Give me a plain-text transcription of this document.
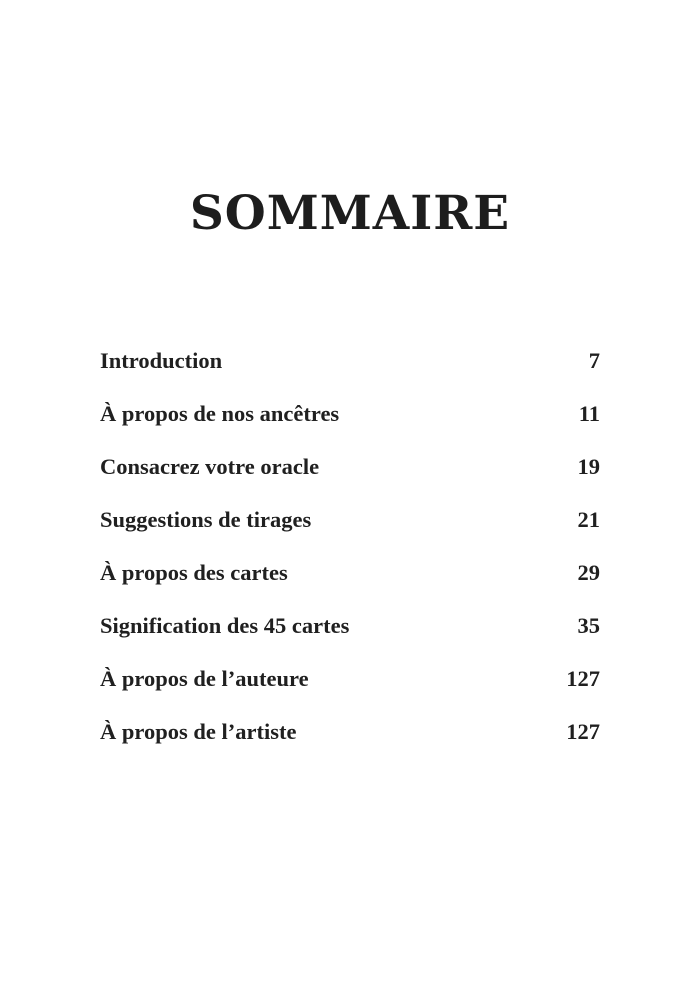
SOMMAIRE
Introduction	7
À propos de nos ancêtres	11
Consacrez votre oracle	19
Suggestions de tirages	21
À propos des cartes	29
Signification des 45 cartes	35
À propos de l’auteure	127
À propos de l’artiste	127
